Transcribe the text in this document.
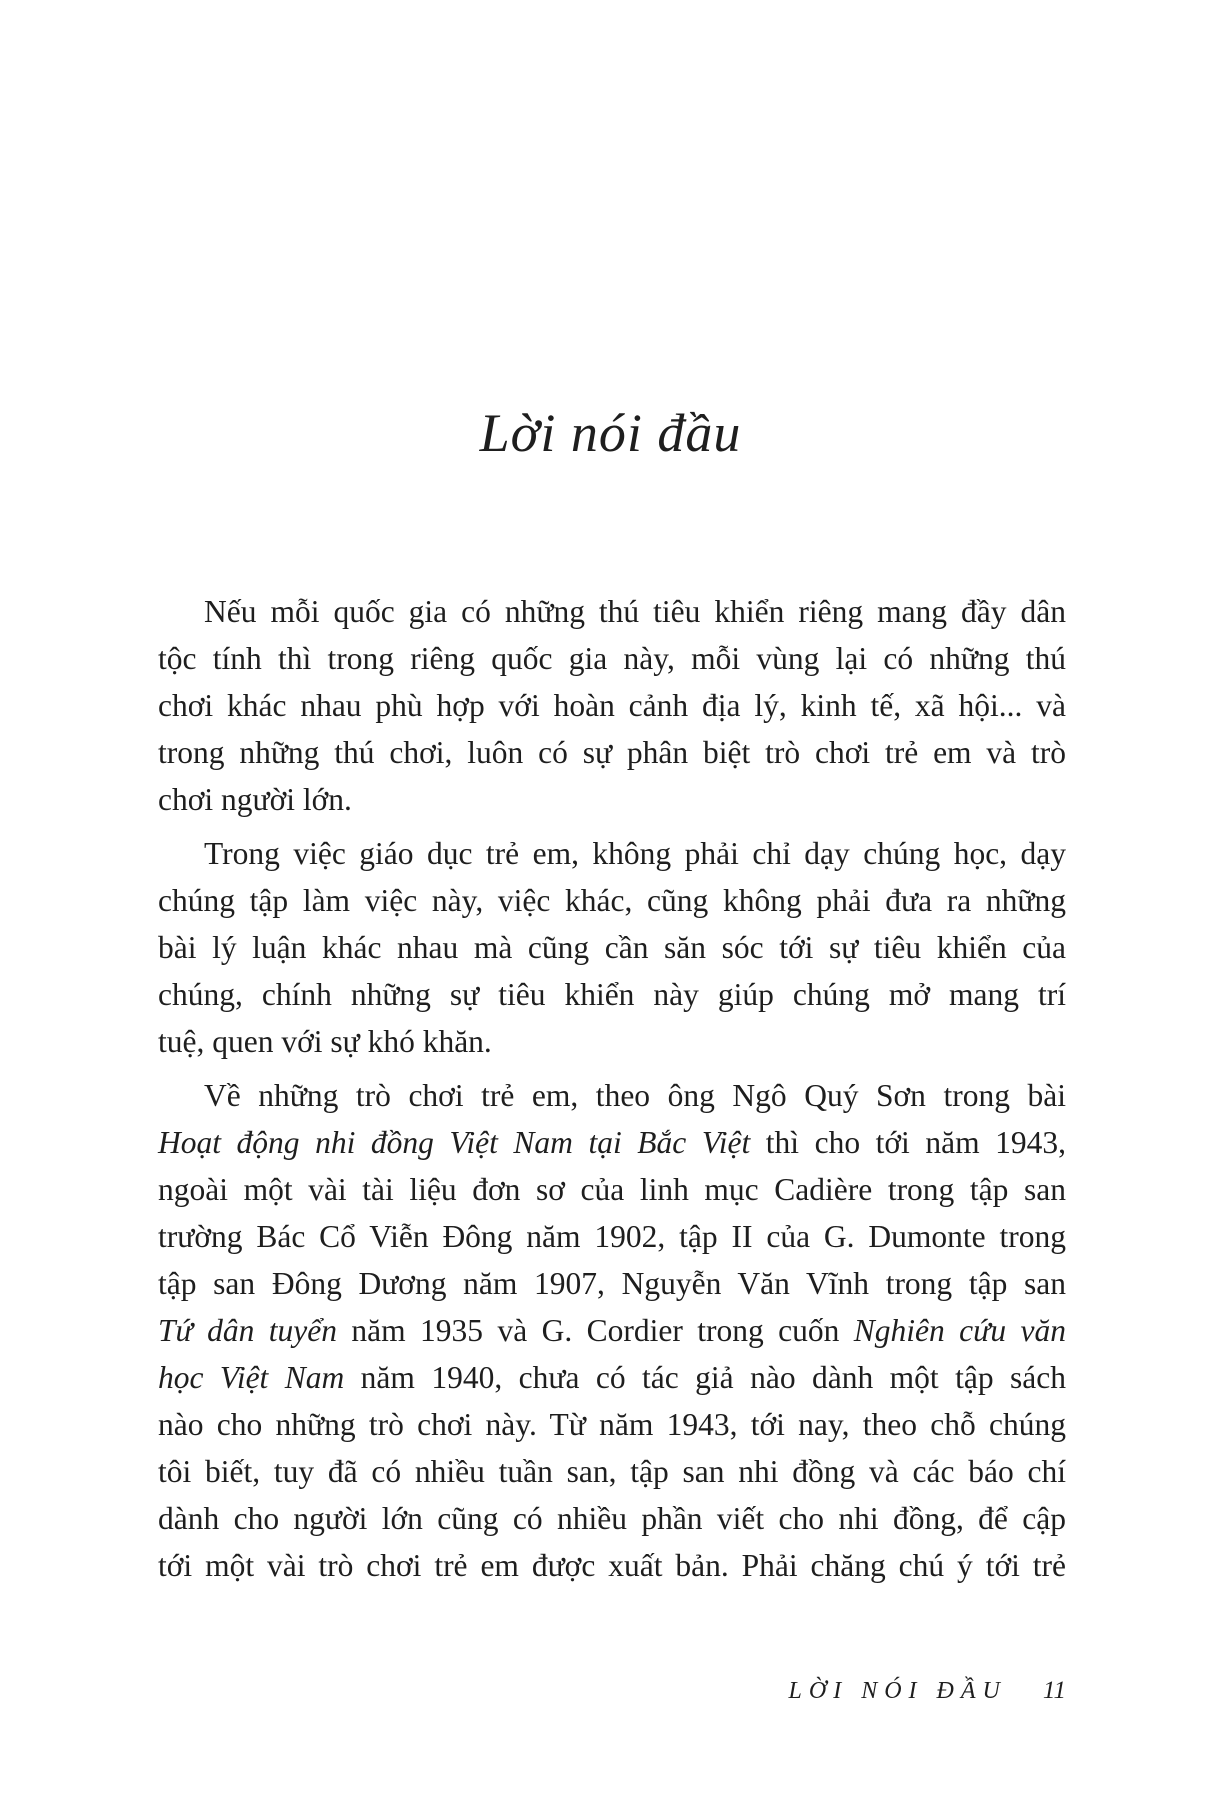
Lời nói đầu

Nếu mỗi quốc gia có những thú tiêu khiển riêng mang đầy dân
tộc tính thì trong riêng quốc gia này, mỗi vùng lại có những thú
chơi khác nhau phù hợp với hoàn cảnh địa lý, kinh tế, xã hội... và
trong những thú chơi, luôn có sự phân biệt trò chơi trẻ em và trò
chơi người lớn.

Trong việc giáo dục trẻ em, không phải chỉ dạy chúng học, dạy
chúng tập làm việc này, việc khác, cũng không phải đưa ra những
bài lý luận khác nhau mà cũng cần săn sóc tới sự tiêu khiển của
chúng, chính những sự tiêu khiển này giúp chúng mở mang trí
tuệ, quen với sự khó khăn.

Về những trò chơi trẻ em, theo ông Ngô Quý Sơn trong bài
Hoạt động nhi đồng Việt Nam tại Bắc Việt thì cho tới năm 1943,
ngoài một vài tài liệu đơn sơ của linh mục Cadière trong tập san
trường Bác Cổ Viễn Đông năm 1902, tập II của G. Dumonte trong
tập san Đông Dương năm 1907, Nguyễn Văn Vĩnh trong tập san
Tứ dân tuyển năm 1935 và G. Cordier trong cuốn Nghiên cứu văn
học Việt Nam năm 1940, chưa có tác giả nào dành một tập sách
nào cho những trò chơi này. Từ năm 1943, tới nay, theo chỗ chúng
tôi biết, tuy đã có nhiều tuần san, tập san nhi đồng và các báo chí
dành cho người lớn cũng có nhiều phần viết cho nhi đồng, để cập
tới một vài trò chơi trẻ em được xuất bản. Phải chăng chú ý tới trẻ

LỜI NÓI ĐẦU 11
